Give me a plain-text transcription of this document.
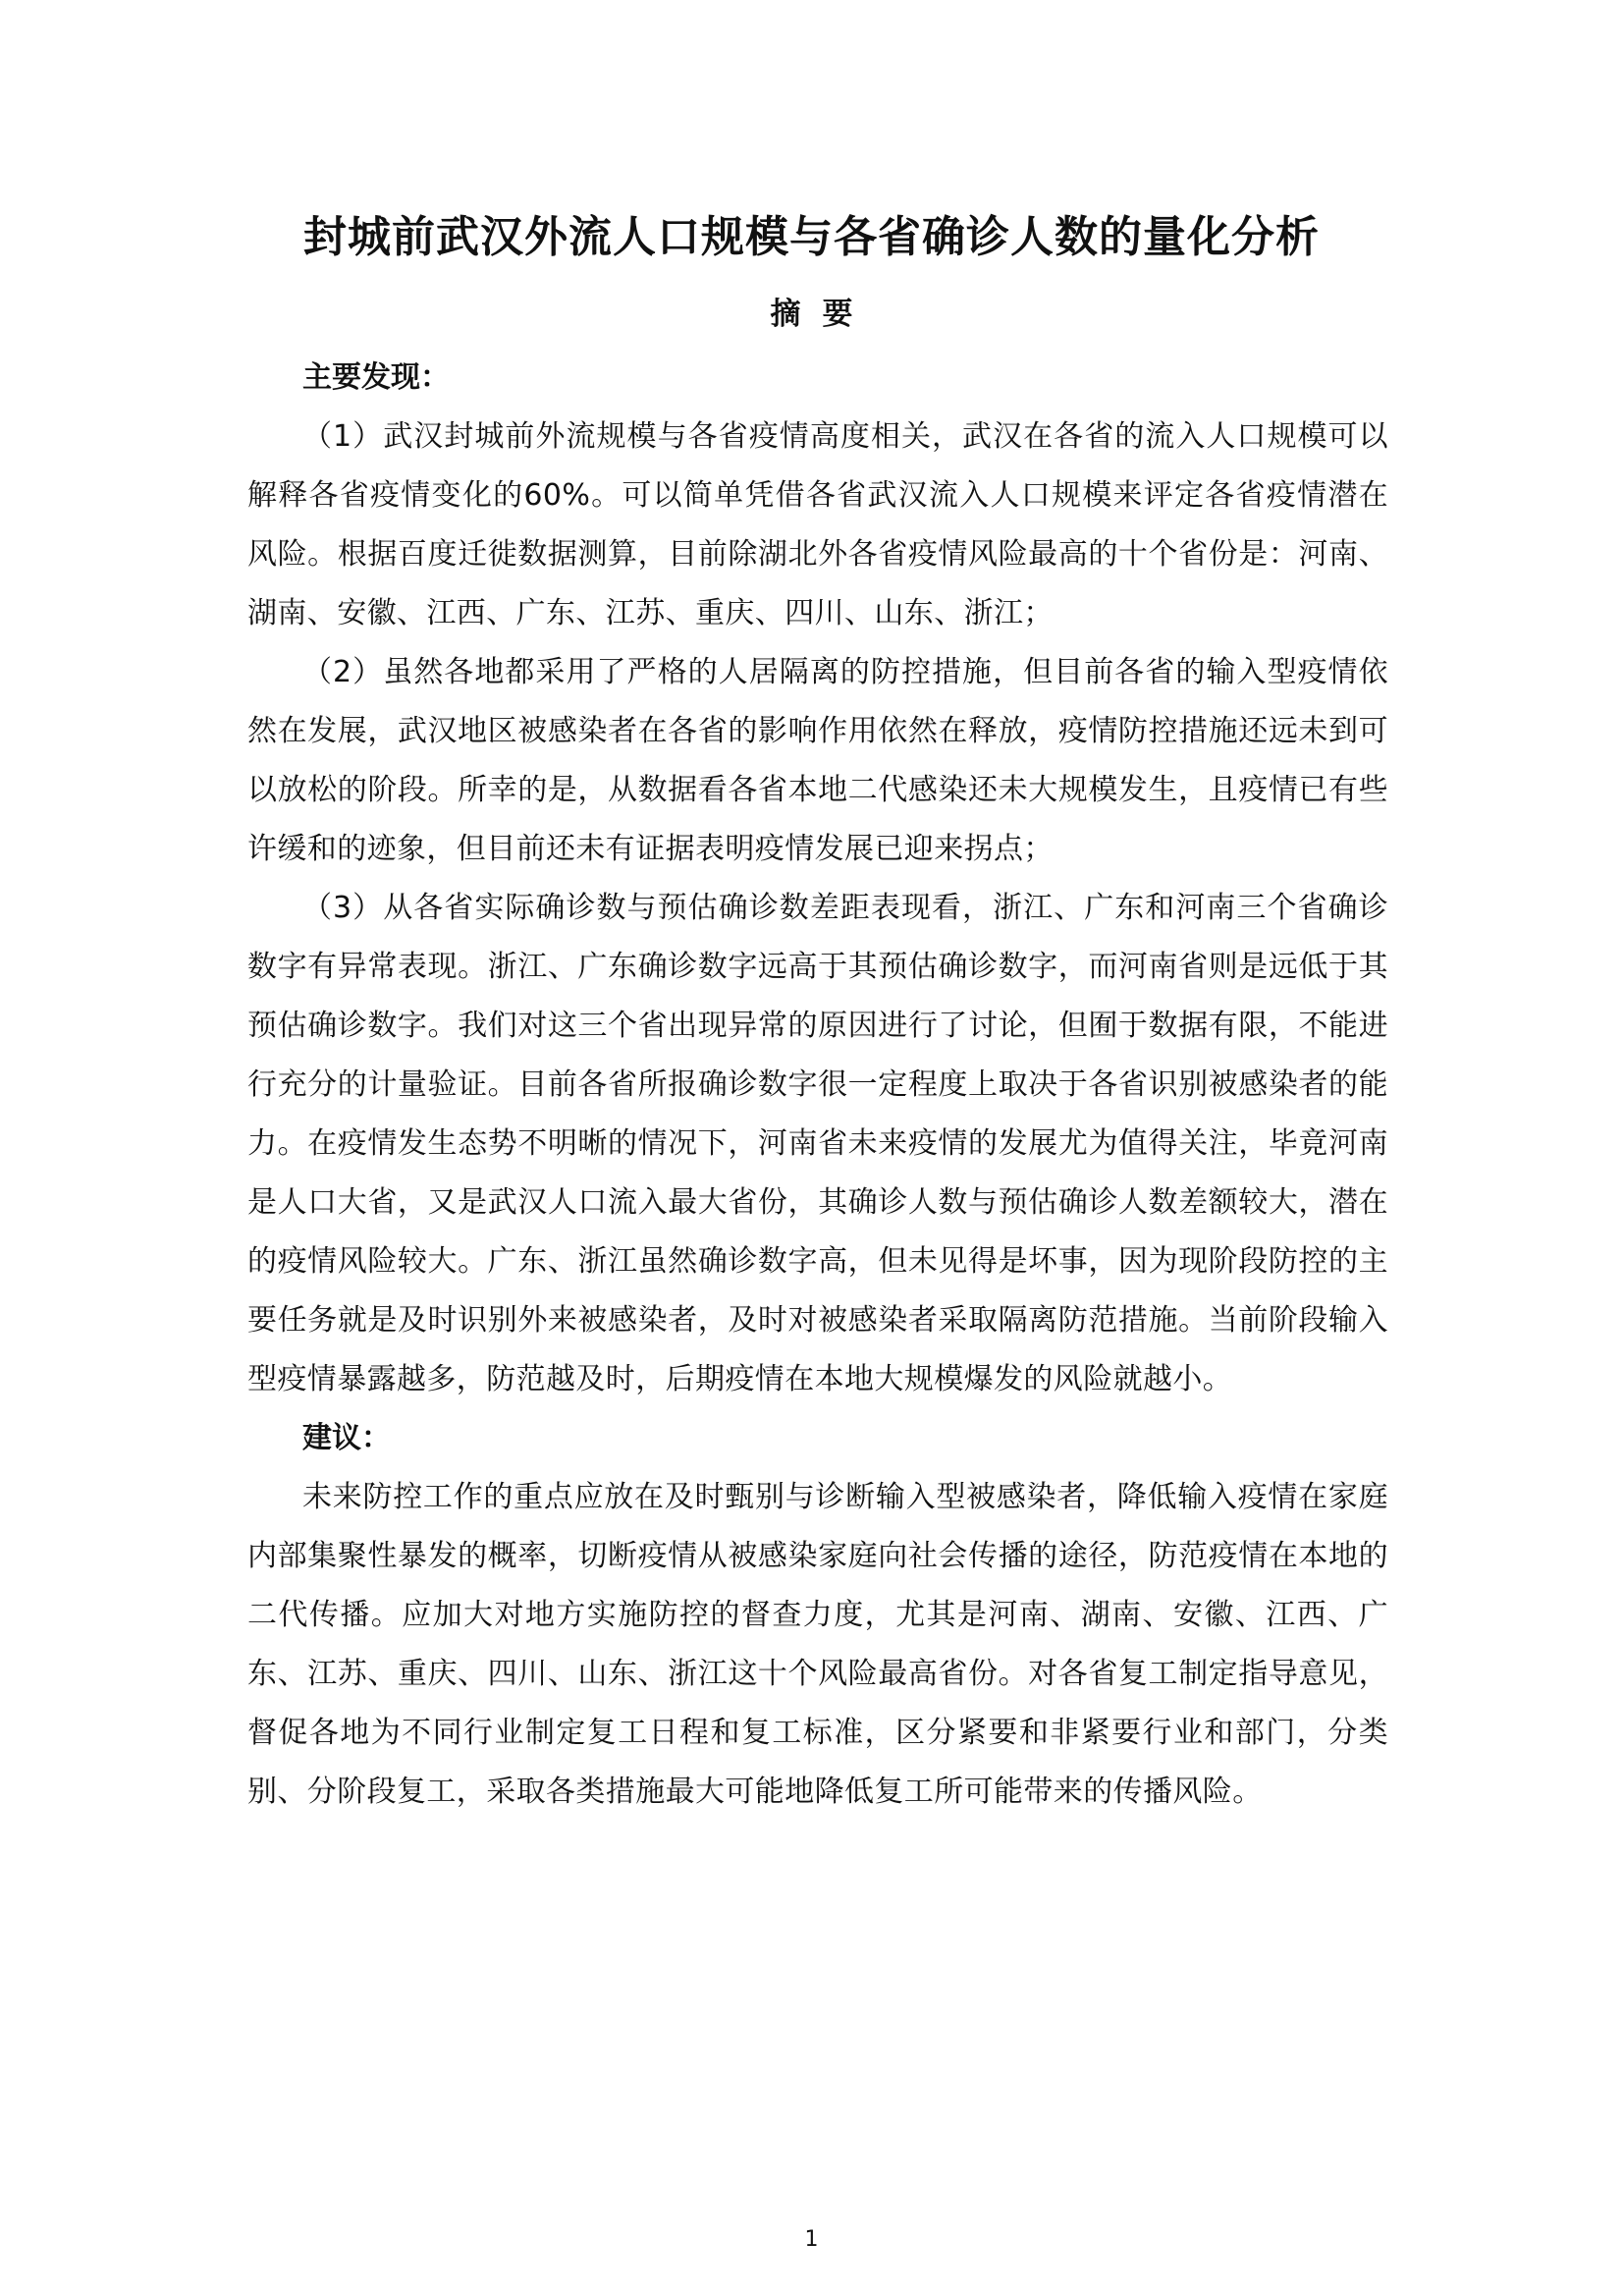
封城前武汉外流人口规模与各省确诊人数的量化分析
摘要
主要发现：

（1）武汉封城前外流规模与各省疫情高度相关，武汉在各省的流入人口规模可以解释各省疫情变化的60%。可以简单凭借各省武汉流入人口规模来评定各省疫情潜在风险。根据百度迁徙数据测算，目前除湖北外各省疫情风险最高的十个省份是：河南、湖南、安徽、江西、广东、江苏、重庆、四川、山东、浙江；

（2）虽然各地都采用了严格的人居隔离的防控措施，但目前各省的输入型疫情依然在发展，武汉地区被感染者在各省的影响作用依然在释放，疫情防控措施还远未到可以放松的阶段。所幸的是，从数据看各省本地二代感染还未大规模发生，且疫情已有些许缓和的迹象，但目前还未有证据表明疫情发展已迎来拐点；

（3）从各省实际确诊数与预估确诊数差距表现看，浙江、广东和河南三个省确诊数字有异常表现。浙江、广东确诊数字远高于其预估确诊数字，而河南省则是远低于其预估确诊数字。我们对这三个省出现异常的原因进行了讨论，但囿于数据有限，不能进行充分的计量验证。目前各省所报确诊数字很一定程度上取决于各省识别被感染者的能力。在疫情发生态势不明晰的情况下，河南省未来疫情的发展尤为值得关注，毕竟河南是人口大省，又是武汉人口流入最大省份，其确诊人数与预估确诊人数差额较大，潜在的疫情风险较大。广东、浙江虽然确诊数字高，但未见得是坏事，因为现阶段防控的主要任务就是及时识别外来被感染者，及时对被感染者采取隔离防范措施。当前阶段输入型疫情暴露越多，防范越及时，后期疫情在本地大规模爆发的风险就越小。

建议：

未来防控工作的重点应放在及时甄别与诊断输入型被感染者，降低输入疫情在家庭内部集聚性暴发的概率，切断疫情从被感染家庭向社会传播的途径，防范疫情在本地的二代传播。应加大对地方实施防控的督查力度，尤其是河南、湖南、安徽、江西、广东、江苏、重庆、四川、山东、浙江这十个风险最高省份。对各省复工制定指导意见，督促各地为不同行业制定复工日程和复工标准，区分紧要和非紧要行业和部门，分类别、分阶段复工，采取各类措施最大可能地降低复工所可能带来的传播风险。

1
